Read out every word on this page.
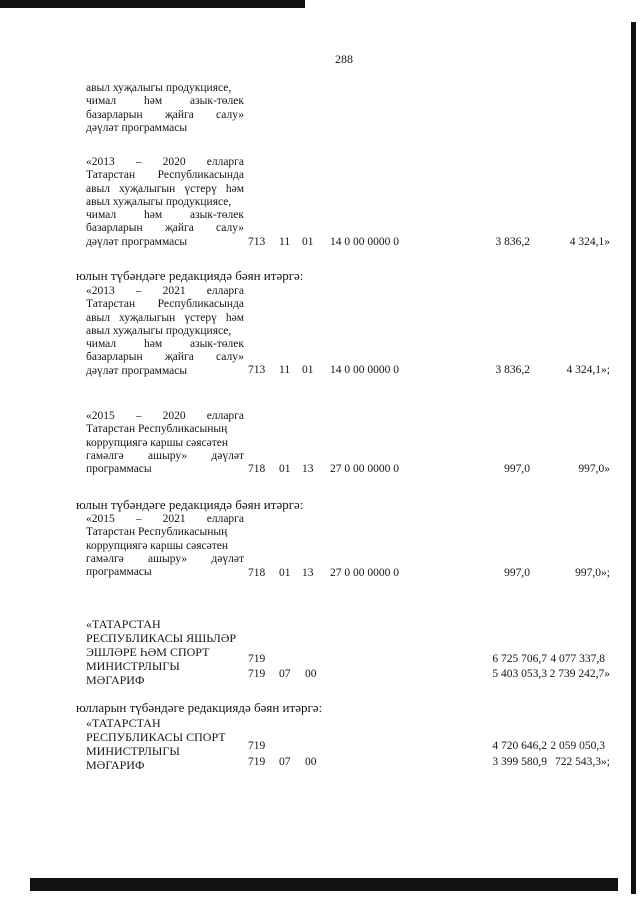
288
авыл хуҗалыгы продукциясе,
чимал һәм азык-төлек
базарларын җайга салу»
дәүләт программасы
«2013 – 2020 елларга
Татарстан Республикасында
авыл хуҗалыгын үстерү һәм
авыл хуҗалыгы продукциясе,
чимал һәм азык-төлек
базарларын җайга салу»
дәүләт программасы	713 11 01 14 0 00 0000 0	3 836,2	4 324,1»
юлын түбәндәге редакциядә бәян итәргә:
«2013 – 2021 елларга
Татарстан Республикасында
авыл хуҗалыгын үстерү һәм
авыл хуҗалыгы продукциясе,
чимал һәм азык-төлек
базарларын җайга салу»
дәүләт программасы	713 11 01 14 0 00 0000 0	3 836,2	4 324,1»;
«2015 – 2020 елларга
Татарстан Республикасының
коррупциягә каршы сәясәтен
гамәлгә ашыру» дәүләт
программасы	718 01 13 27 0 00 0000 0	997,0	997,0»
юлын түбәндәге редакциядә бәян итәргә:
«2015 – 2021 елларга
Татарстан Республикасының
коррупциягә каршы сәясәтен
гамәлгә ашыру» дәүләт
программасы	718 01 13 27 0 00 0000 0	997,0	997,0»;
«ТАТАРСТАН
РЕСПУБЛИКАСЫ ЯШЬЛӘР
ЭШЛӘРЕ ҺӘМ СПОРТ
МИНИСТРЛЫГЫ
МӘГАРИФ
719	6 725 706,7 4 077 337,8
719 07 00	5 403 053,3 2 739 242,7»
юлларын түбәндәге редакциядә бәян итәргә:
«ТАТАРСТАН
РЕСПУБЛИКАСЫ СПОРТ
МИНИСТРЛЫГЫ
МӘГАРИФ
719	4 720 646,2 2 059 050,3
719 07 00	3 399 580,9 722 543,3»;
